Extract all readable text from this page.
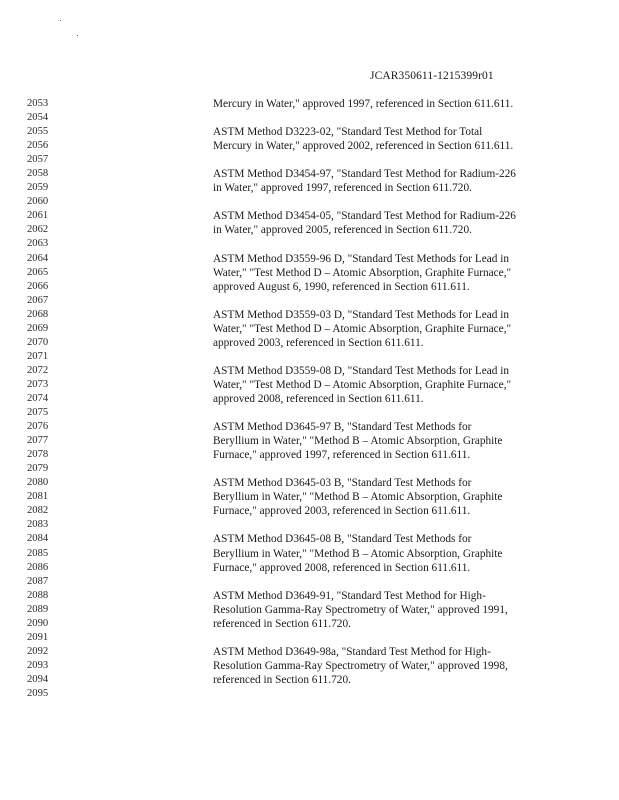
JCAR350611-1215399r01
2053	Mercury in Water," approved 1997, referenced in Section 611.611.
2054
2055	ASTM Method D3223-02, "Standard Test Method for Total
2056	Mercury in Water," approved 2002, referenced in Section 611.611.
2057
2058	ASTM Method D3454-97, "Standard Test Method for Radium-226
2059	in Water," approved 1997, referenced in Section 611.720.
2060
2061	ASTM Method D3454-05, "Standard Test Method for Radium-226
2062	in Water," approved 2005, referenced in Section 611.720.
2063
2064	ASTM Method D3559-96 D, "Standard Test Methods for Lead in
2065	Water," "Test Method D – Atomic Absorption, Graphite Furnace,"
2066	approved August 6, 1990, referenced in Section 611.611.
2067
2068	ASTM Method D3559-03 D, "Standard Test Methods for Lead in
2069	Water," "Test Method D – Atomic Absorption, Graphite Furnace,"
2070	approved 2003, referenced in Section 611.611.
2071
2072	ASTM Method D3559-08 D, "Standard Test Methods for Lead in
2073	Water," "Test Method D – Atomic Absorption, Graphite Furnace,"
2074	approved 2008, referenced in Section 611.611.
2075
2076	ASTM Method D3645-97 B, "Standard Test Methods for
2077	Beryllium in Water," "Method B – Atomic Absorption, Graphite
2078	Furnace," approved 1997, referenced in Section 611.611.
2079
2080	ASTM Method D3645-03 B, "Standard Test Methods for
2081	Beryllium in Water," "Method B – Atomic Absorption, Graphite
2082	Furnace," approved 2003, referenced in Section 611.611.
2083
2084	ASTM Method D3645-08 B, "Standard Test Methods for
2085	Beryllium in Water," "Method B – Atomic Absorption, Graphite
2086	Furnace," approved 2008, referenced in Section 611.611.
2087
2088	ASTM Method D3649-91, "Standard Test Method for High-
2089	Resolution Gamma-Ray Spectrometry of Water," approved 1991,
2090	referenced in Section 611.720.
2091
2092	ASTM Method D3649-98a, "Standard Test Method for High-
2093	Resolution Gamma-Ray Spectrometry of Water," approved 1998,
2094	referenced in Section 611.720.
2095
